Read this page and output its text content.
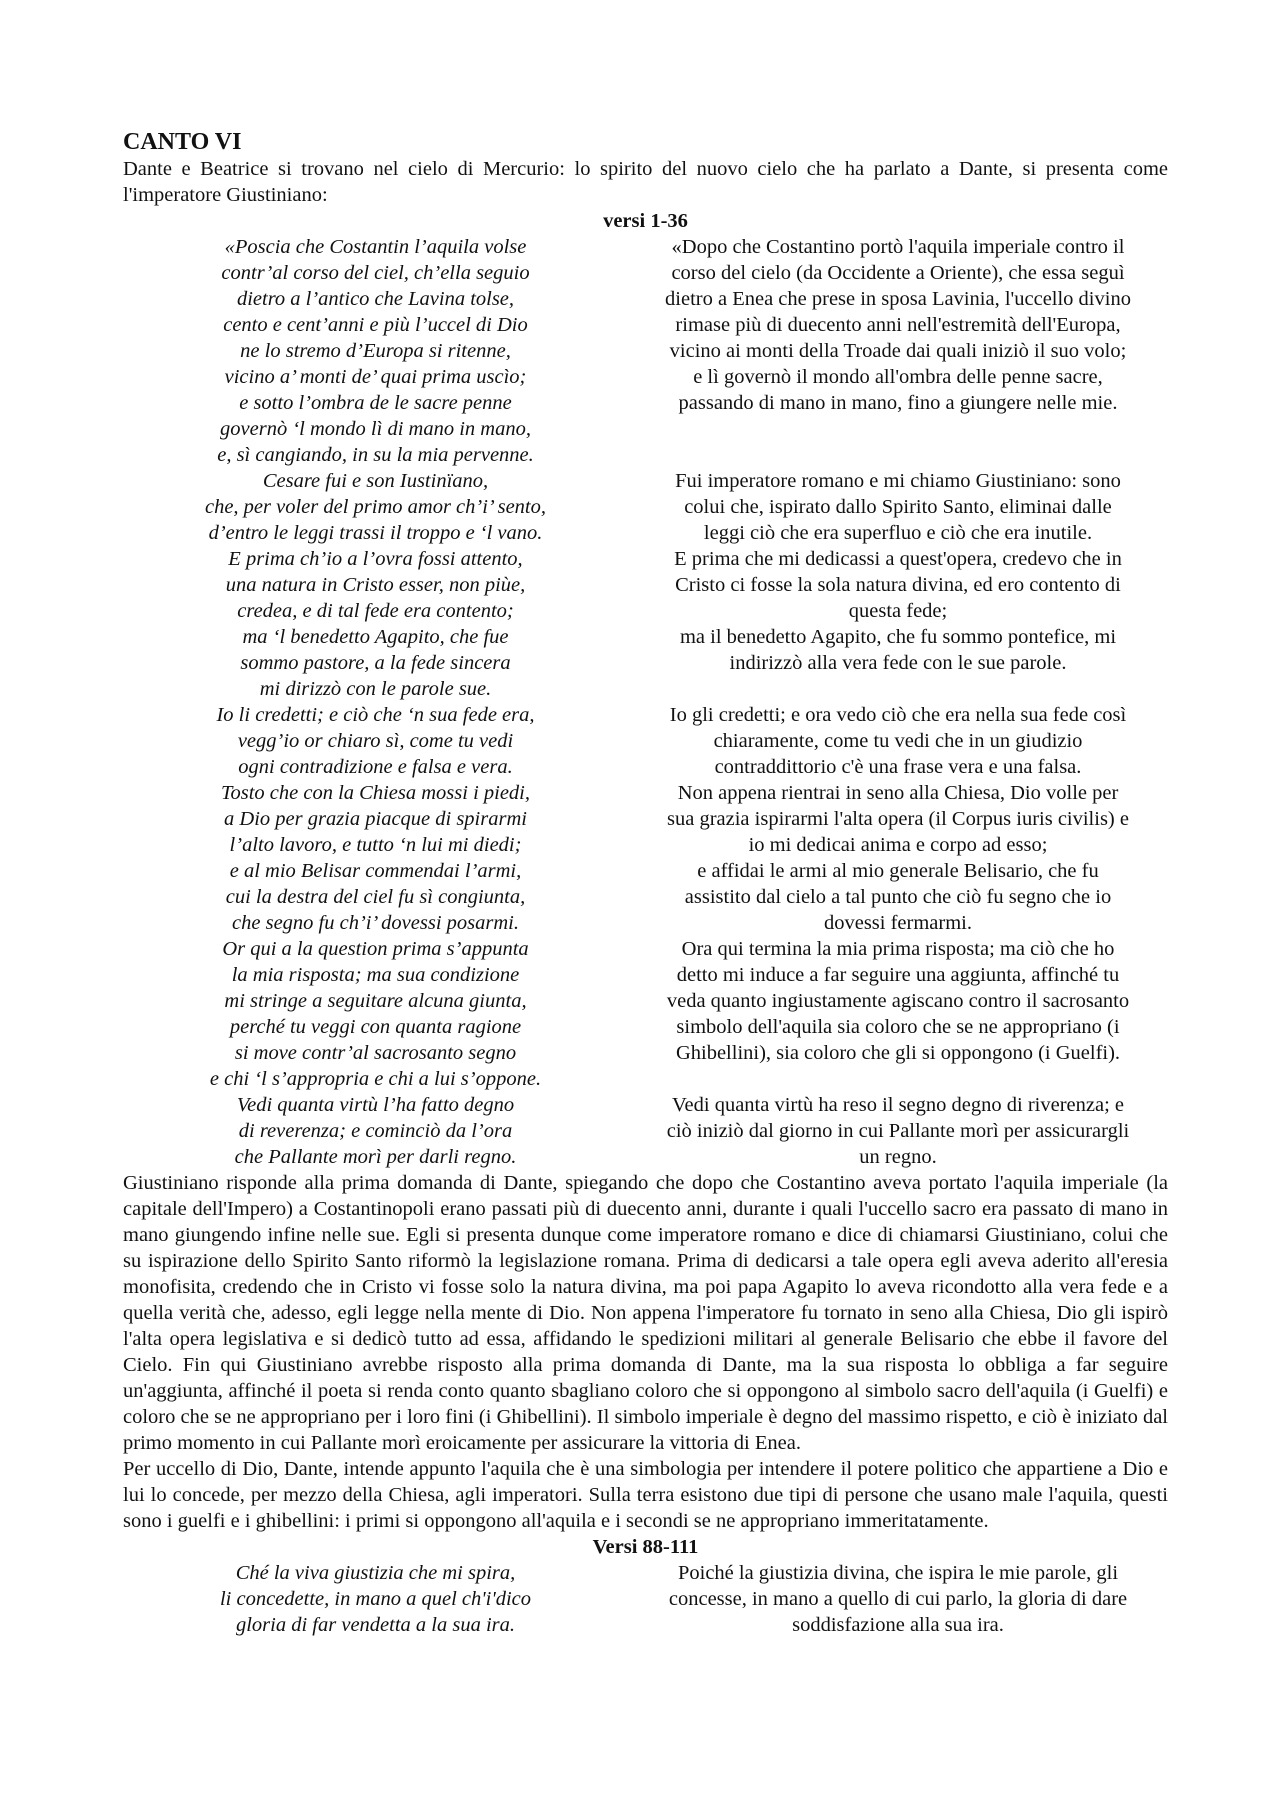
CANTO VI

Dante e Beatrice si trovano nel cielo di Mercurio: lo spirito del nuovo cielo che ha parlato a Dante, si presenta come l'imperatore Giustiniano:

versi 1-36

«Poscia che Costantin l’aquila volse
contr’al corso del ciel, ch’ella seguio
dietro a l’antico che Lavina tolse,
cento e cent’anni e più l’uccel di Dio
ne lo stremo d’Europa si ritenne,
vicino a’ monti de’ quai prima uscìo;
e sotto l’ombra de le sacre penne
governò ‘l mondo lì di mano in mano,
e, sì cangiando, in su la mia pervenne.
Cesare fui e son Iustinïano,
che, per voler del primo amor ch’i’ sento,
d’entro le leggi trassi il troppo e ‘l vano.
E prima ch’io a l’ovra fossi attento,
una natura in Cristo esser, non piùe,
credea, e di tal fede era contento;
ma ‘l benedetto Agapito, che fue
sommo pastore, a la fede sincera
mi dirizzò con le parole sue.
Io li credetti; e ciò che ‘n sua fede era,
vegg’io or chiaro sì, come tu vedi
ogni contradizione e falsa e vera.
Tosto che con la Chiesa mossi i piedi,
a Dio per grazia piacque di spirarmi
l’alto lavoro, e tutto ‘n lui mi diedi;
e al mio Belisar commendai l’armi,
cui la destra del ciel fu sì congiunta,
che segno fu ch’i’ dovessi posarmi.
Or qui a la question prima s’appunta
la mia risposta; ma sua condizione
mi stringe a seguitare alcuna giunta,
perché tu veggi con quanta ragione
si move contr’al sacrosanto segno
e chi ‘l s’appropria e chi a lui s’oppone.
Vedi quanta virtù l’ha fatto degno
di reverenza; e cominciò da l’ora
che Pallante morì per darli regno.
«Dopo che Costantino portò l'aquila imperiale contro il
corso del cielo (da Occidente a Oriente), che essa seguì
dietro a Enea che prese in sposa Lavinia, l'uccello divino
rimase più di duecento anni nell'estremità dell'Europa,
vicino ai monti della Troade dai quali iniziò il suo volo;
e lì governò il mondo all'ombra delle penne sacre,
passando di mano in mano, fino a giungere nelle mie.
Fui imperatore romano e mi chiamo Giustiniano: sono
colui che, ispirato dallo Spirito Santo, eliminai dalle
leggi ciò che era superfluo e ciò che era inutile.
E prima che mi dedicassi a quest'opera, credevo che in
Cristo ci fosse la sola natura divina, ed ero contento di
questa fede;
ma il benedetto Agapito, che fu sommo pontefice, mi
indirizzò alla vera fede con le sue parole.
Io gli credetti; e ora vedo ciò che era nella sua fede così
chiaramente, come tu vedi che in un giudizio
contraddittorio c'è una frase vera e una falsa.
Non appena rientrai in seno alla Chiesa, Dio volle per
sua grazia ispirarmi l'alta opera (il Corpus iuris civilis) e
io mi dedicai anima e corpo ad esso;
e affidai le armi al mio generale Belisario, che fu
assistito dal cielo a tal punto che ciò fu segno che io
dovessi fermarmi.
Ora qui termina la mia prima risposta; ma ciò che ho
detto mi induce a far seguire una aggiunta, affinché tu
veda quanto ingiustamente agiscano contro il sacrosanto
simbolo dell'aquila sia coloro che se ne appropriano (i
Ghibellini), sia coloro che gli si oppongono (i Guelfi).
Vedi quanta virtù ha reso il segno degno di riverenza; e
ciò iniziò dal giorno in cui Pallante morì per assicurargli
un regno.

Giustiniano risponde alla prima domanda di Dante, spiegando che dopo che Costantino aveva portato l'aquila imperiale (la capitale dell'Impero) a Costantinopoli erano passati più di duecento anni, durante i quali l'uccello sacro era passato di mano in mano giungendo infine nelle sue. Egli si presenta dunque come imperatore romano e dice di chiamarsi Giustiniano, colui che su ispirazione dello Spirito Santo riformò la legislazione romana. Prima di dedicarsi a tale opera egli aveva aderito all'eresia monofisita, credendo che in Cristo vi fosse solo la natura divina, ma poi papa Agapito lo aveva ricondotto alla vera fede e a quella verità che, adesso, egli legge nella mente di Dio. Non appena l'imperatore fu tornato in seno alla Chiesa, Dio gli ispirò l'alta opera legislativa e si dedicò tutto ad essa, affidando le spedizioni militari al generale Belisario che ebbe il favore del Cielo. Fin qui Giustiniano avrebbe risposto alla prima domanda di Dante, ma la sua risposta lo obbliga a far seguire un'aggiunta, affinché il poeta si renda conto quanto sbagliano coloro che si oppongono al simbolo sacro dell'aquila (i Guelfi) e coloro che se ne appropriano per i loro fini (i Ghibellini). Il simbolo imperiale è degno del massimo rispetto, e ciò è iniziato dal primo momento in cui Pallante morì eroicamente per assicurare la vittoria di Enea.

Per uccello di Dio, Dante, intende appunto l'aquila che è una simbologia per intendere il potere politico che appartiene a Dio e lui lo concede, per mezzo della Chiesa, agli imperatori. Sulla terra esistono due tipi di persone che usano male l'aquila, questi sono i guelfi e i ghibellini: i primi si oppongono all'aquila e i secondi se ne appropriano immeritatamente.

Versi 88-111

Ché la viva giustizia che mi spira,
li concedette, in mano a quel ch'i'dico
gloria di far vendetta a la sua ira.
Poiché la giustizia divina, che ispira le mie parole, gli
concesse, in mano a quello di cui parlo, la gloria di dare
soddisfazione alla sua ira.
